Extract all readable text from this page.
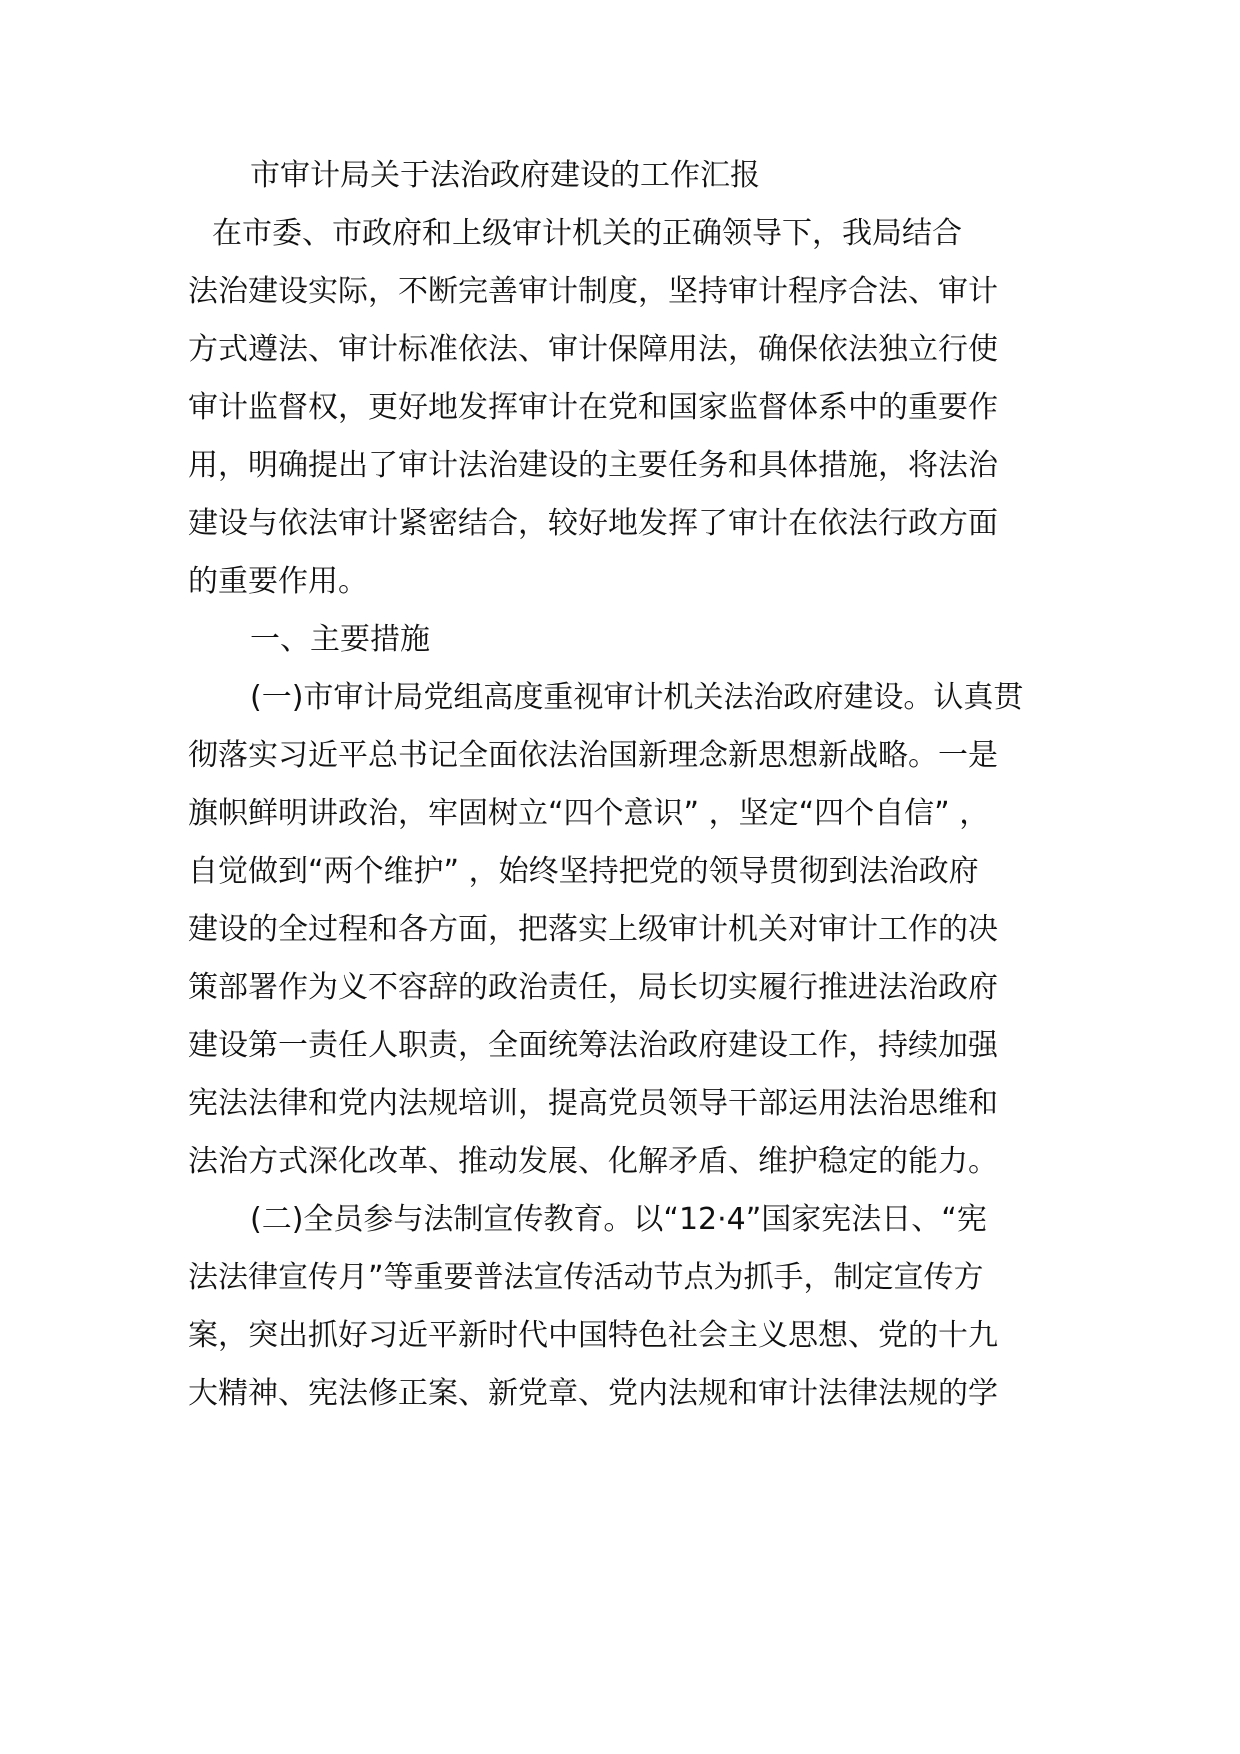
市审计局关于法治政府建设的工作汇报
在市委、市政府和上级审计机关的正确领导下，我局结合
法治建设实际，不断完善审计制度，坚持审计程序合法、审计
方式遵法、审计标准依法、审计保障用法，确保依法独立行使
审计监督权，更好地发挥审计在党和国家监督体系中的重要作
用，明确提出了审计法治建设的主要任务和具体措施，将法治
建设与依法审计紧密结合，较好地发挥了审计在依法行政方面
的重要作用。
一、主要措施
(一)市审计局党组高度重视审计机关法治政府建设。认真贯
彻落实习近平总书记全面依法治国新理念新思想新战略。一是
旗帜鲜明讲政治，牢固树立“四个意识” ，坚定“四个自信” ，
自觉做到“两个维护” ，始终坚持把党的领导贯彻到法治政府
建设的全过程和各方面，把落实上级审计机关对审计工作的决
策部署作为义不容辞的政治责任，局长切实履行推进法治政府
建设第一责任人职责，全面统筹法治政府建设工作，持续加强
宪法法律和党内法规培训，提高党员领导干部运用法治思维和
法治方式深化改革、推动发展、化解矛盾、维护稳定的能力。
(二)全员参与法制宣传教育。以“12·4”国家宪法日、“宪
法法律宣传月”等重要普法宣传活动节点为抓手，制定宣传方
案，突出抓好习近平新时代中国特色社会主义思想、党的十九
大精神、宪法修正案、新党章、党内法规和审计法律法规的学
